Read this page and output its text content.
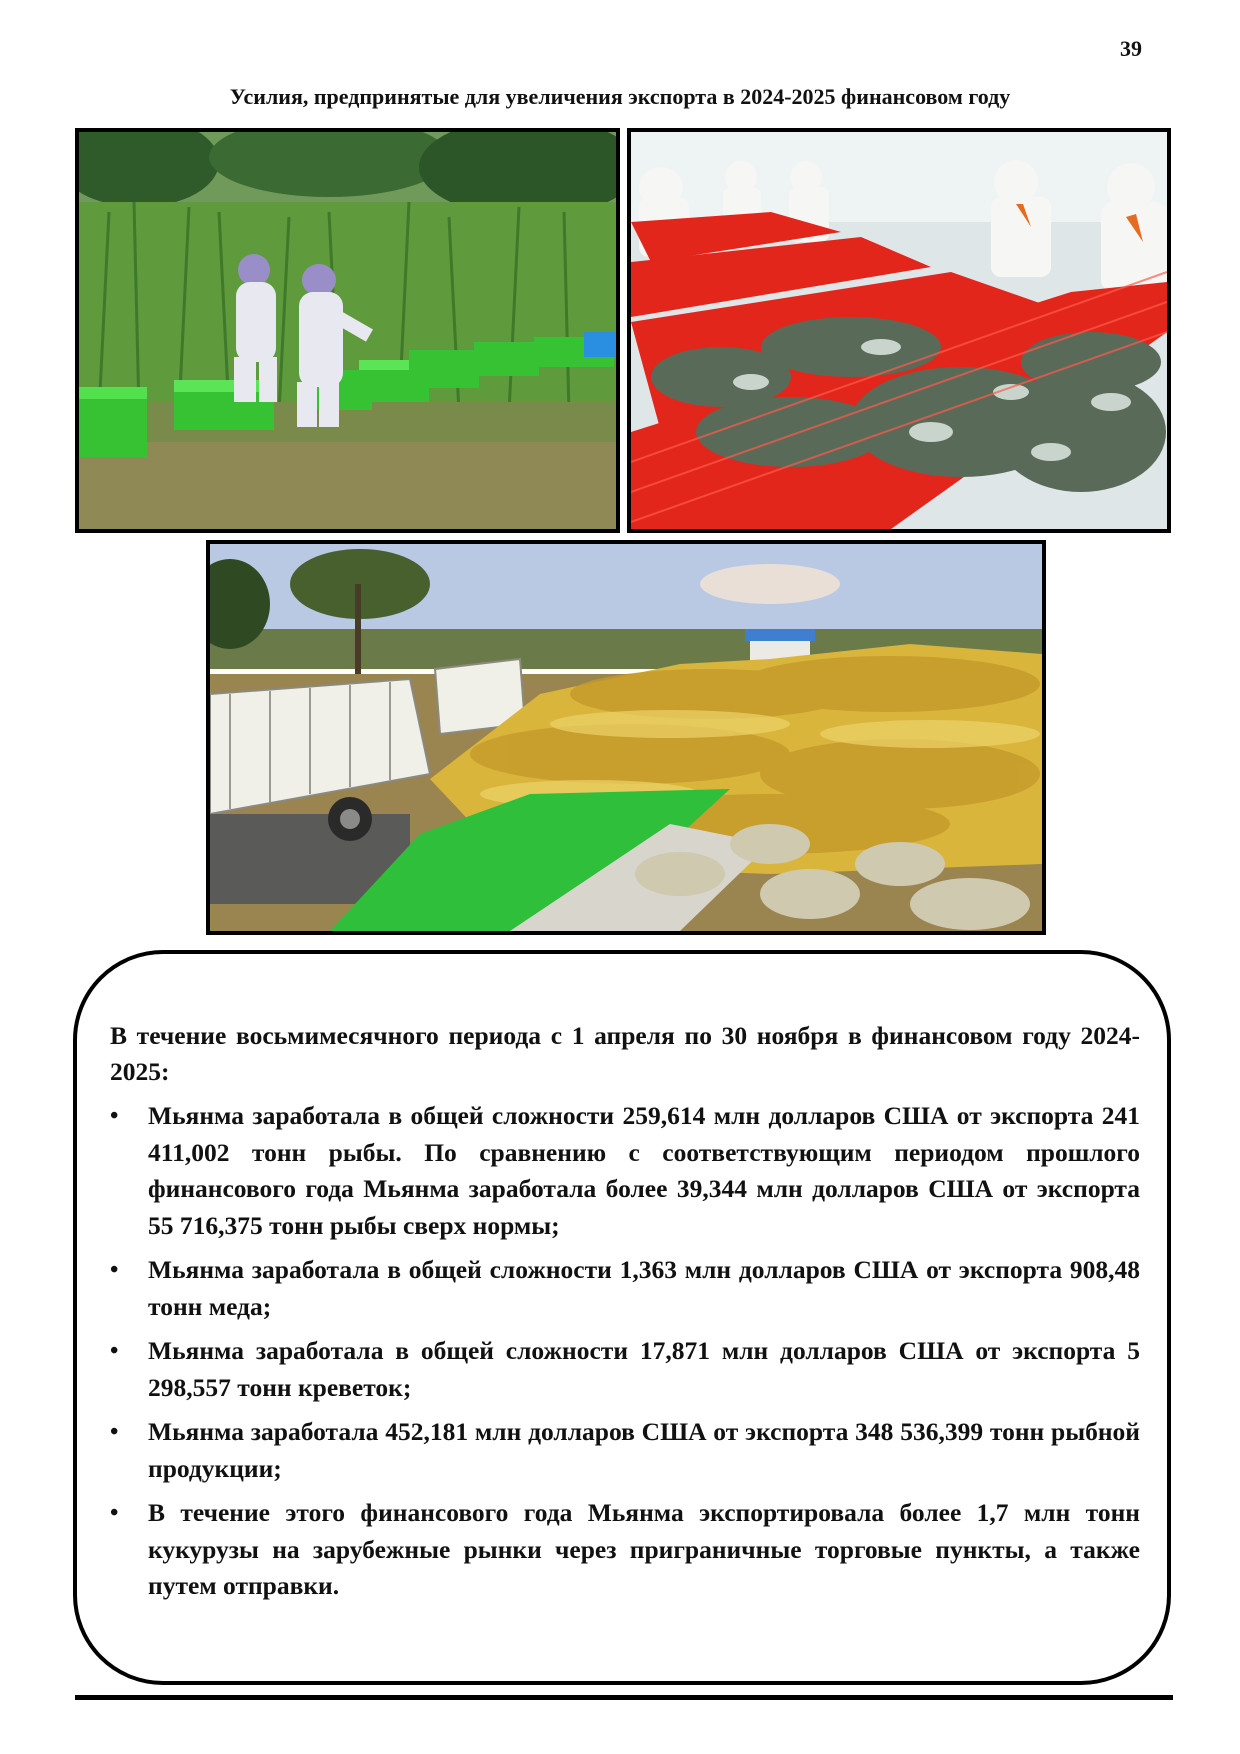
39
Усилия, предпринятые для увеличения экспорта в 2024-2025 финансовом году
В течение восьмимесячного периода с 1 апреля по 30 ноября в финансовом году 2024-2025:
• Мьянма заработала в общей сложности 259,614 млн долларов США от экспорта 241 411,002 тонн рыбы. По сравнению с соответствующим периодом прошлого финансового года Мьянма заработала более 39,344 млн долларов США от экспорта 55 716,375 тонн рыбы сверх нормы;
• Мьянма заработала в общей сложности 1,363 млн долларов США от экспорта 908,48 тонн меда;
• Мьянма заработала в общей сложности 17,871 млн долларов США от экспорта 5 298,557 тонн креветок;
• Мьянма заработала 452,181 млн долларов США от экспорта 348 536,399 тонн рыбной продукции;
• В течение этого финансового года Мьянма экспортировала более 1,7 млн тонн кукурузы на зарубежные рынки через приграничные торговые пункты, а также путем отправки.
